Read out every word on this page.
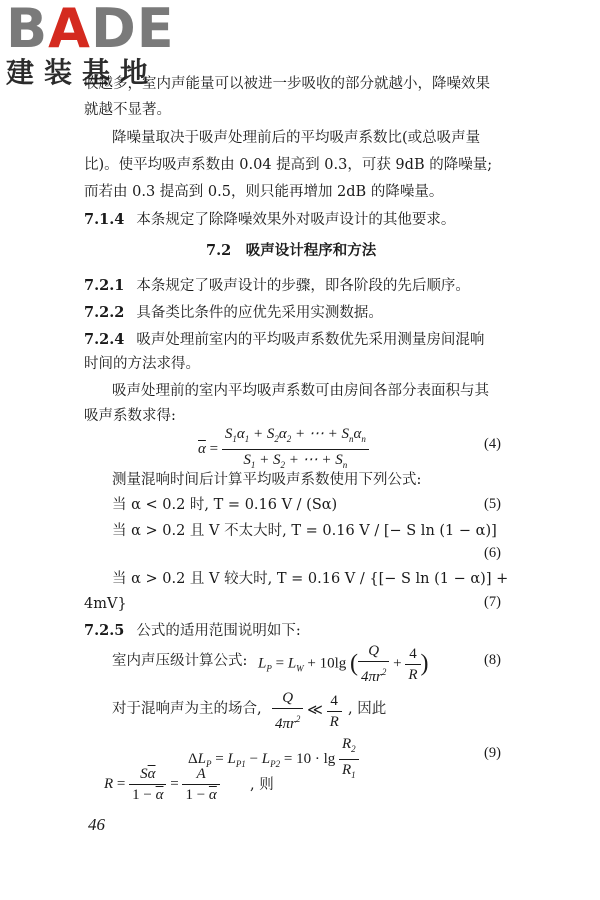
BADE
建装基地
收越多，室内声能量可以被进一步吸收的部分就越小，降噪效果
就越不显著。
降噪量取决于吸声处理前后的平均吸声系数比(或总吸声量
比)。使平均吸声系数由 0.04 提高到 0.3，可获 9dB 的降噪量;
而若由 0.3 提高到 0.5，则只能再增加 2dB 的降噪量。
7.1.4 本条规定了除降噪效果外对吸声设计的其他要求。
7.2　吸声设计程序和方法
7.2.1 本条规定了吸声设计的步骤，即各阶段的先后顺序。
7.2.2 具备类比条件的应优先采用实测数据。
7.2.4 吸声处理前室内的平均吸声系数优先采用测量房间混响
时间的方法求得。
吸声处理前的室内平均吸声系数可由房间各部分表面积与其
吸声系数求得:
$\overline{\alpha} = \frac{S_1\alpha_1 + S_2\alpha_2 + \cdots + S_n\alpha_n}{S_1 + S_2 + \cdots + S_n}$	(4)
测量混响时间后计算平均吸声系数使用下列公式:
当 α < 0.2 时, T = 0.16 V / (Sα)	(5)
当 α > 0.2 且 V 不太大时, T = 0.16 V / [− S ln (1 − α)]
(6)
当 α > 0.2 且 V 较大时, T = 0.16 V / {[− S ln (1 − α)] +
4mV}	(7)
7.2.5 公式的适用范围说明如下:
室内声压级计算公式: $L_P = L_W + 10\lg$ ( $\frac{Q}{4\pi r^2} + \frac{4}{R}$ )	(8)
对于混响声为主的场合, $\frac{Q}{4\pi r^2}$ ≪ $\frac{4}{R}$ , 因此
$\Delta L_P = L_{P1} - L_{P2} = 10 \cdot \lg \frac{R_2}{R_1}$	(9)
$R = \frac{S\overline{\alpha}}{1 - \overline{\alpha}} = \frac{A}{1 - \overline{\alpha}}$ , 则
46
